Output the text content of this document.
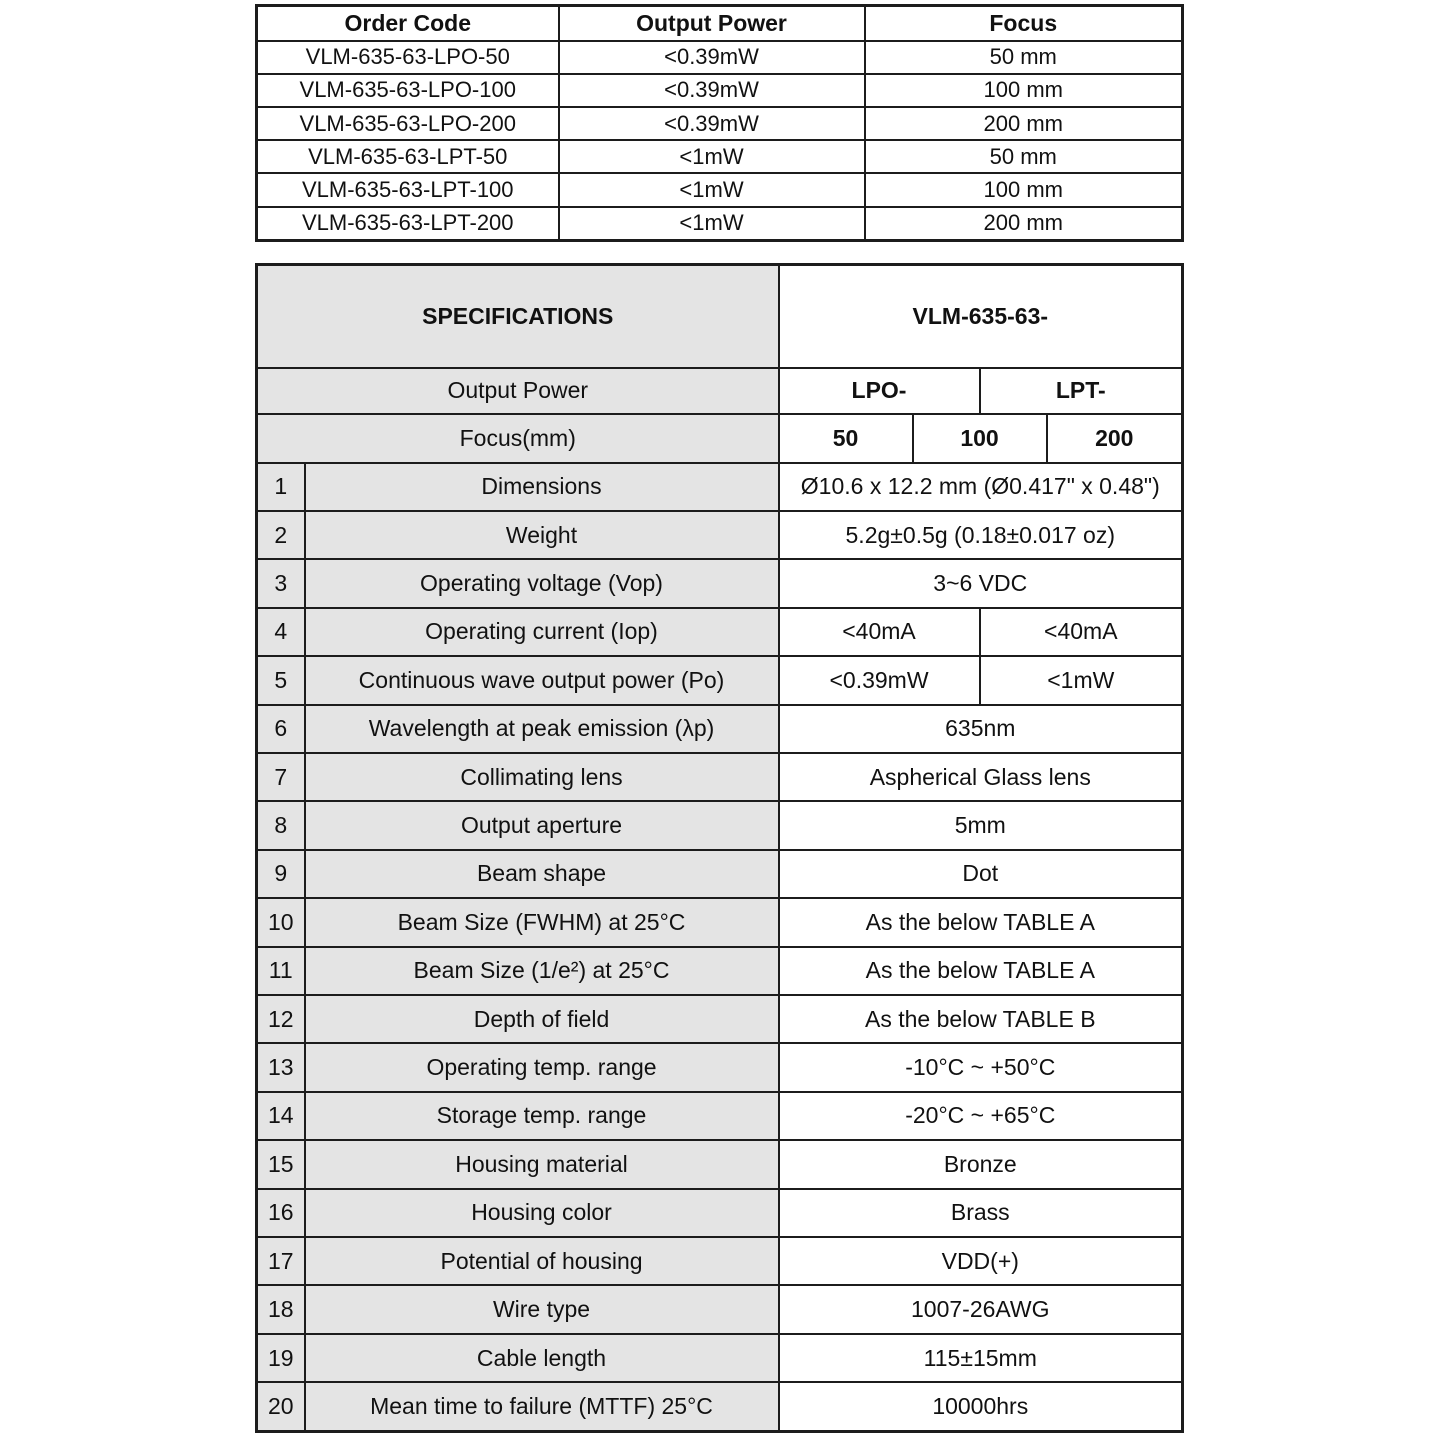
Order Code	Output Power	Focus
VLM-635-63-LPO-50	<0.39mW	50 mm
VLM-635-63-LPO-100	<0.39mW	100 mm
VLM-635-63-LPO-200	<0.39mW	200 mm
VLM-635-63-LPT-50	<1mW	50 mm
VLM-635-63-LPT-100	<1mW	100 mm
VLM-635-63-LPT-200	<1mW	200 mm
SPECIFICATIONS		VLM-635-63-			
Output Power		LPO-		LPT-	
Focus(mm)		50	100		200
1	Dimensions	Ø10.6 x 12.2 mm (Ø0.417" x 0.48")			
2	Weight	5.2g±0.5g (0.18±0.017 oz)			
3	Operating voltage (Vop)	3~6 VDC			
4	Operating current (Iop)	<40mA		<40mA	
5	Continuous wave output power (Po)	<0.39mW		<1mW	
6	Wavelength at peak emission (λp)	635nm			
7	Collimating lens	Aspherical Glass lens			
8	Output aperture	5mm			
9	Beam shape	Dot			
10	Beam Size (FWHM) at 25°C	As the below TABLE A			
11	Beam Size (1/e²) at 25°C	As the below TABLE A			
12	Depth of field	As the below TABLE B			
13	Operating temp. range	-10°C ~ +50°C			
14	Storage temp. range	-20°C ~ +65°C			
15	Housing material	Bronze			
16	Housing color	Brass			
17	Potential of housing	VDD(+)			
18	Wire type	1007-26AWG			
19	Cable length	115±15mm			
20	Mean time to failure (MTTF) 25°C	10000hrs			
